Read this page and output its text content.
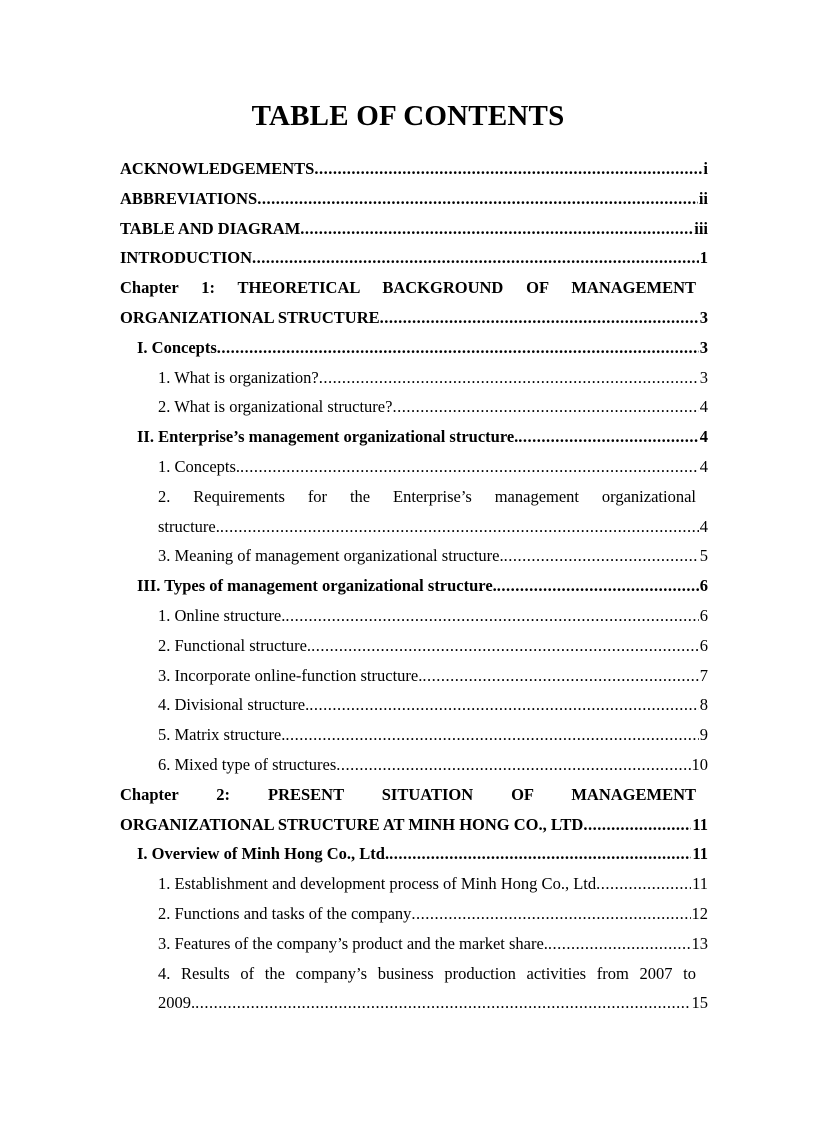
TABLE OF CONTENTS
ACKNOWLEDGEMENTS .....	i
ABBREVIATIONS .....	ii
TABLE AND DIAGRAM .....	iii
INTRODUCTION .....	1
Chapter 1: THEORETICAL BACKGROUND OF MANAGEMENT
ORGANIZATIONAL STRUCTURE .....	3
I. Concepts .....	3
1. What is organization? .....	3
2. What is organizational structure? .....	4
II. Enterprise’s management organizational structure. .....	4
1. Concepts. .....	4
2. Requirements for the Enterprise’s management organizational
structure. .....	4
3. Meaning of management organizational structure. .....	5
III. Types of management organizational structure. .....	6
1. Online structure. .....	6
2. Functional structure. .....	6
3. Incorporate online-function structure. .....	7
4. Divisional structure. .....	8
5. Matrix structure. .....	9
6. Mixed type of structures .....	10
Chapter 2: PRESENT SITUATION OF MANAGEMENT
ORGANIZATIONAL STRUCTURE AT MINH HONG CO., LTD .....	11
I. Overview of Minh Hong Co., Ltd. .....	11
1. Establishment and development process of Minh Hong Co., Ltd .....	11
2. Functions and tasks of the company .....	12
3. Features of the company’s product and the market share. .....	13
4. Results of the company’s business production activities from 2007 to
2009. .....	15
